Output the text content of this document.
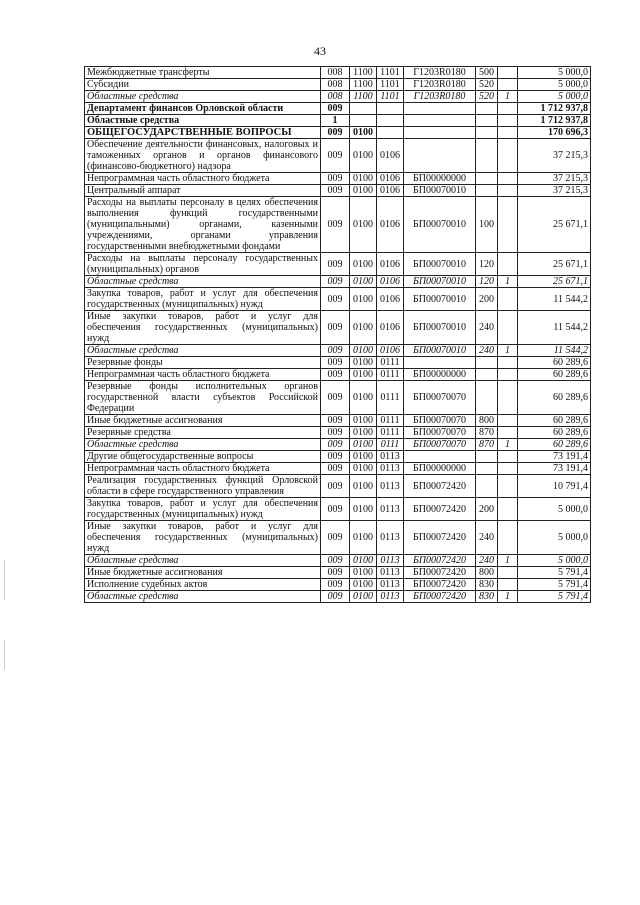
43
Межбюджетные трансферты	008	1100	1101	Г1203R0180	500		5 000,0
Субсидии	008	1100	1101	Г1203R0180	520		5 000,0
Областные средства	008	1100	1101	Г1203R0180	520	1	5 000,0
Департамент финансов Орловской области	009						1 712 937,8
Областные средства	1						1 712 937,8
ОБЩЕГОСУДАРСТВЕННЫЕ ВОПРОСЫ	009	0100					170 696,3
Обеспечение деятельности финансовых, налоговых и таможенных органов и органов финансового (финансово-бюджетного) надзора	009	0100	0106				37 215,3
Непрограммная часть областного бюджета	009	0100	0106	БП00000000			37 215,3
Центральный аппарат	009	0100	0106	БП00070010			37 215,3
Расходы на выплаты персоналу в целях обеспечения выполнения функций государственными (муниципальными) органами, казенными учреждениями, органами управления государственными внебюджетными фондами	009	0100	0106	БП00070010	100		25 671,1
Расходы на выплаты персоналу государственных (муниципальных) органов	009	0100	0106	БП00070010	120		25 671,1
Областные средства	009	0100	0106	БП00070010	120	1	25 671,1
Закупка товаров, работ и услуг для обеспечения государственных (муниципальных) нужд	009	0100	0106	БП00070010	200		11 544,2
Иные закупки товаров, работ и услуг для обеспечения государственных (муниципальных) нужд	009	0100	0106	БП00070010	240		11 544,2
Областные средства	009	0100	0106	БП00070010	240	1	11 544,2
Резервные фонды	009	0100	0111				60 289,6
Непрограммная часть областного бюджета	009	0100	0111	БП00000000			60 289,6
Резервные фонды исполнительных органов государственной власти субъектов Российской Федерации	009	0100	0111	БП00070070			60 289,6
Иные бюджетные ассигнования	009	0100	0111	БП00070070	800		60 289,6
Резервные средства	009	0100	0111	БП00070070	870		60 289,6
Областные средства	009	0100	0111	БП00070070	870	1	60 289,6
Другие общегосударственные вопросы	009	0100	0113				73 191,4
Непрограммная часть областного бюджета	009	0100	0113	БП00000000			73 191,4
Реализация государственных функций Орловской области в сфере государственного управления	009	0100	0113	БП00072420			10 791,4
Закупка товаров, работ и услуг для обеспечения государственных (муниципальных) нужд	009	0100	0113	БП00072420	200		5 000,0
Иные закупки товаров, работ и услуг для обеспечения государственных (муниципальных) нужд	009	0100	0113	БП00072420	240		5 000,0
Областные средства	009	0100	0113	БП00072420	240	1	5 000,0
Иные бюджетные ассигнования	009	0100	0113	БП00072420	800		5 791,4
Исполнение судебных актов	009	0100	0113	БП00072420	830		5 791,4
Областные средства	009	0100	0113	БП00072420	830	1	5 791,4
